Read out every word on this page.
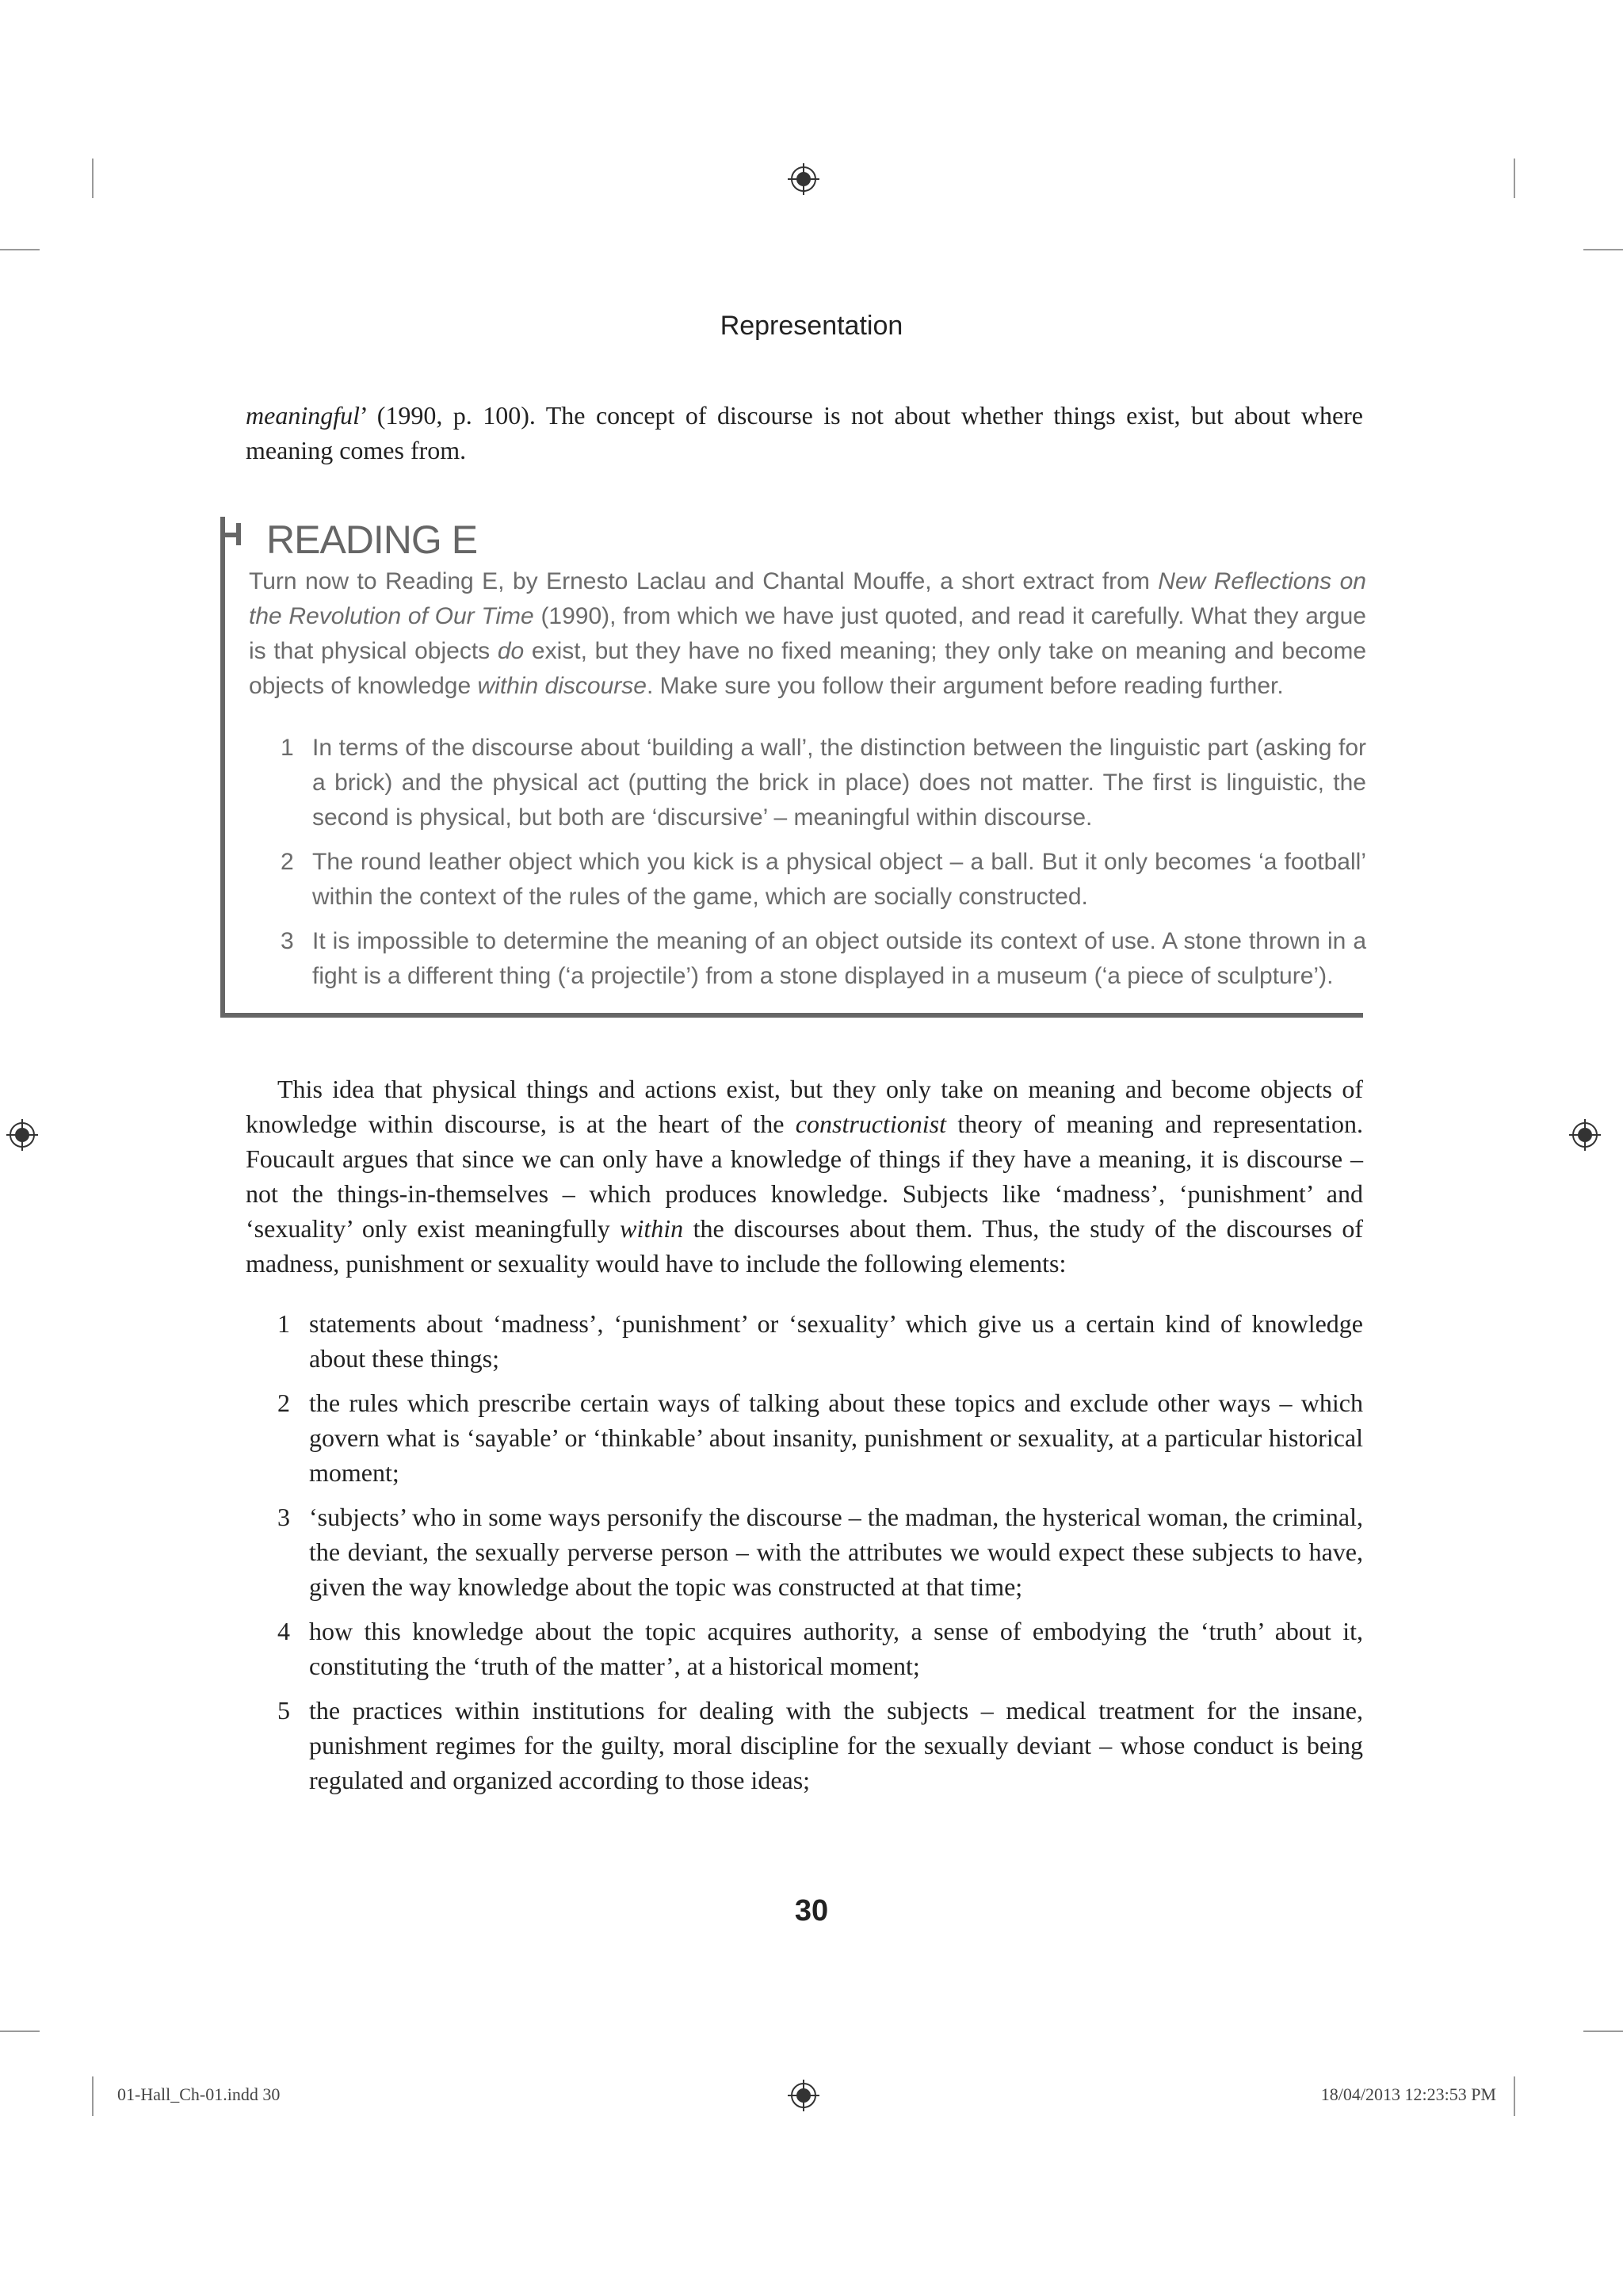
Representation
meaningful’ (1990, p. 100). The concept of discourse is not about whether things exist, but about where meaning comes from.
READING E
Turn now to Reading E, by Ernesto Laclau and Chantal Mouffe, a short extract from New Reflections on the Revolution of Our Time (1990), from which we have just quoted, and read it carefully. What they argue is that physical objects do exist, but they have no fixed meaning; they only take on meaning and become objects of knowledge within discourse. Make sure you follow their argument before reading further.
1 In terms of the discourse about ‘building a wall’, the distinction between the linguistic part (asking for a brick) and the physical act (putting the brick in place) does not matter. The first is linguistic, the second is physical, but both are ‘discursive’ – meaningful within discourse.
2 The round leather object which you kick is a physical object – a ball. But it only becomes ‘a football’ within the context of the rules of the game, which are socially constructed.
3 It is impossible to determine the meaning of an object outside its context of use. A stone thrown in a fight is a different thing (‘a projectile’) from a stone displayed in a museum (‘a piece of sculpture’).
This idea that physical things and actions exist, but they only take on meaning and become objects of knowledge within discourse, is at the heart of the constructionist theory of meaning and representation. Foucault argues that since we can only have a knowledge of things if they have a meaning, it is discourse – not the things-in-themselves – which produces knowledge. Subjects like ‘madness’, ‘punishment’ and ‘sexuality’ only exist meaningfully within the discourses about them. Thus, the study of the discourses of madness, punishment or sexuality would have to include the following elements:
1 statements about ‘madness’, ‘punishment’ or ‘sexuality’ which give us a certain kind of knowledge about these things;
2 the rules which prescribe certain ways of talking about these topics and exclude other ways – which govern what is ‘sayable’ or ‘thinkable’ about insanity, punishment or sexuality, at a particular historical moment;
3 ‘subjects’ who in some ways personify the discourse – the madman, the hysterical woman, the criminal, the deviant, the sexually perverse person – with the attributes we would expect these subjects to have, given the way knowledge about the topic was constructed at that time;
4 how this knowledge about the topic acquires authority, a sense of embodying the ‘truth’ about it, constituting the ‘truth of the matter’, at a historical moment;
5 the practices within institutions for dealing with the subjects – medical treatment for the insane, punishment regimes for the guilty, moral discipline for the sexually deviant – whose conduct is being regulated and organized according to those ideas;
30
01-Hall_Ch-01.indd 30	18/04/2013 12:23:53 PM
